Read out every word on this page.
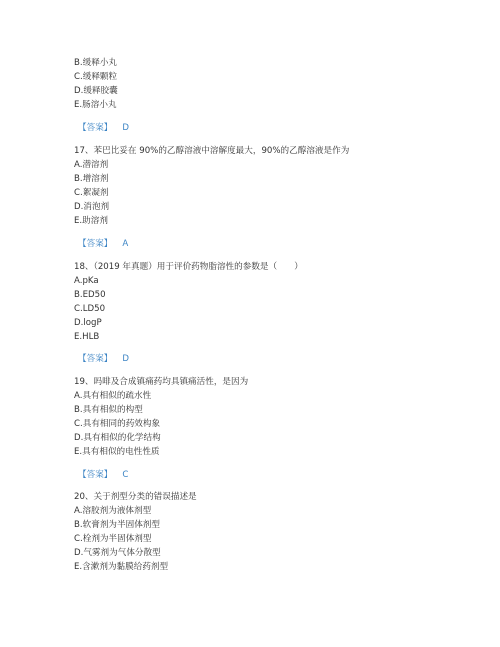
B.缓释小丸
C.缓释颗粒
D.缓释胶囊
E.肠溶小丸
【答案】 D
17、苯巴比妥在 90%的乙醇溶液中溶解度最大，90%的乙醇溶液是作为
A.潜溶剂
B.增溶剂
C.絮凝剂
D.消泡剂
E.助溶剂
【答案】 A
18、（2019 年真题）用于评价药物脂溶性的参数是（　　）
A.pKa
B.ED50
C.LD50
D.logP
E.HLB
【答案】 D
19、吗啡及合成镇痛药均具镇痛活性，是因为
A.具有相似的疏水性
B.具有相似的构型
C.具有相同的药效构象
D.具有相似的化学结构
E.具有相似的电性性质
【答案】 C
20、关于剂型分类的错误描述是
A.溶胶剂为液体剂型
B.软膏剂为半固体剂型
C.栓剂为半固体剂型
D.气雾剂为气体分散型
E.含漱剂为黏膜给药剂型
